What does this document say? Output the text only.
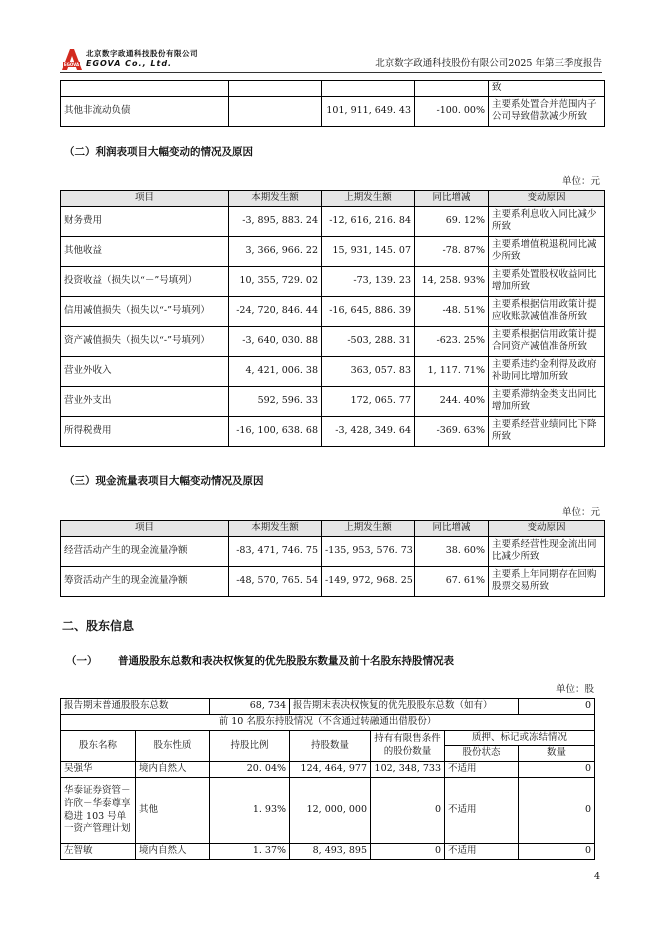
EGOVA
北京数字政通科技股份有限公司
EGOVA Co., Ltd.	北京数字政通科技股份有限公司2025 年第三季度报告
				致
其他非流动负债		101, 911, 649. 43	-100. 00%	主要系处置合并范围内子公司导致借款减少所致
（二）利润表项目大幅变动的情况及原因
单位：元
项目	本期发生额	上期发生额	同比增减	变动原因
财务费用	-3, 895, 883. 24	-12, 616, 216. 84	69. 12%	主要系利息收入同比减少所致
其他收益	3, 366, 966. 22	15, 931, 145. 07	-78. 87%	主要系增值税退税同比减少所致
投资收益（损失以“－”号填列）	10, 355, 729. 02	-73, 139. 23	14, 258. 93%	主要系处置股权收益同比增加所致
信用减值损失（损失以“-”号填列）	-24, 720, 846. 44	-16, 645, 886. 39	-48. 51%	主要系根据信用政策计提应收账款减值准备所致
资产减值损失（损失以“-”号填列）	-3, 640, 030. 88	-503, 288. 31	-623. 25%	主要系根据信用政策计提合同资产减值准备所致
营业外收入	4, 421, 006. 38	363, 057. 83	1, 117. 71%	主要系违约金利得及政府补助同比增加所致
营业外支出	592, 596. 33	172, 065. 77	244. 40%	主要系滞纳金类支出同比增加所致
所得税费用	-16, 100, 638. 68	-3, 428, 349. 64	-369. 63%	主要系经营业绩同比下降所致
（三）现金流量表项目大幅变动情况及原因
单位：元
项目	本期发生额	上期发生额	同比增减	变动原因
经营活动产生的现金流量净额	-83, 471, 746. 75	-135, 953, 576. 73	38. 60%	主要系经营性现金流出同比减少所致
筹资活动产生的现金流量净额	-48, 570, 765. 54	-149, 972, 968. 25	67. 61%	主要系上年同期存在回购股票交易所致
二、股东信息
（一） 普通股股东总数和表决权恢复的优先股股东数量及前十名股东持股情况表
单位：股
报告期末普通股股东总数		68, 734	报告期末表决权恢复的优先股股东总数（如有）			0
前 10 名股东持股情况（不含通过转融通出借股份）						
股东名称	股东性质	持股比例	持股数量	持有有限售条件的股份数量	质押、标记或冻结情况	
					股份状态	数量
吴强华	境内自然人	20. 04%	124, 464, 977	102, 348, 733	不适用	0
华泰证券资管－许欣－华泰尊享稳进 103 号单一资产管理计划	其他	1. 93%	12, 000, 000	0	不适用	0
左智敏	境内自然人	1. 37%	8, 493, 895	0	不适用	0
4
